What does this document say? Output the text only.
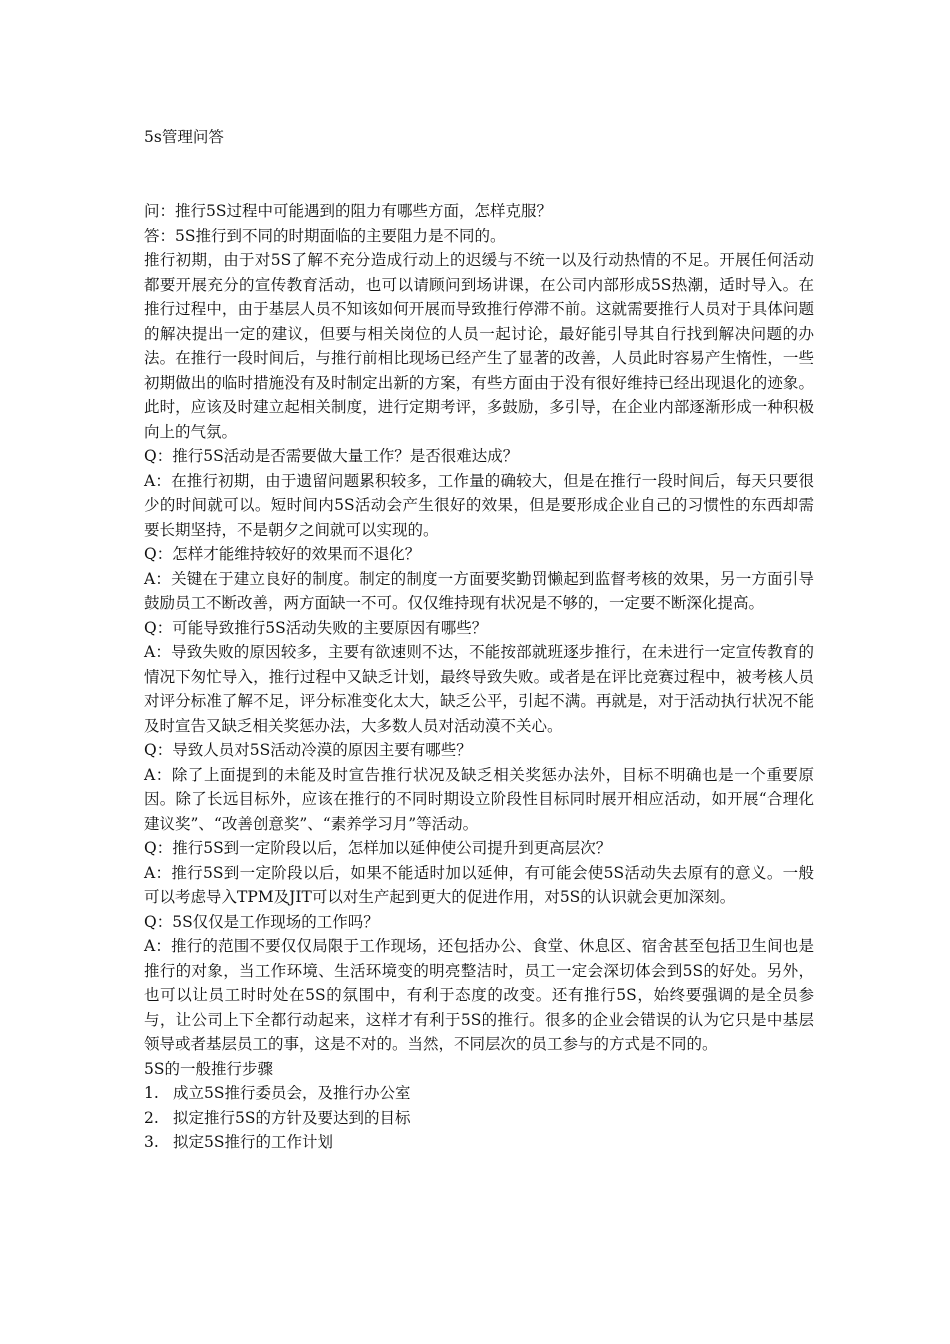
5s管理问答

问：推行5S过程中可能遇到的阻力有哪些方面，怎样克服？

答：5S推行到不同的时期面临的主要阻力是不同的。

推行初期，由于对5S了解不充分造成行动上的迟缓与不统一以及行动热情的不足。开展任何活动都要开展充分的宣传教育活动，也可以请顾问到场讲课，在公司内部形成5S热潮，适时导入。在推行过程中，由于基层人员不知该如何开展而导致推行停滞不前。这就需要推行人员对于具体问题的解决提出一定的建议，但要与相关岗位的人员一起讨论，最好能引导其自行找到解决问题的办法。在推行一段时间后，与推行前相比现场已经产生了显著的改善，人员此时容易产生惰性，一些初期做出的临时措施没有及时制定出新的方案，有些方面由于没有很好维持已经出现退化的迹象。此时，应该及时建立起相关制度，进行定期考评，多鼓励，多引导，在企业内部逐渐形成一种积极向上的气氛。

Q：推行5S活动是否需要做大量工作？是否很难达成？

A：在推行初期，由于遗留问题累积较多，工作量的确较大，但是在推行一段时间后，每天只要很少的时间就可以。短时间内5S活动会产生很好的效果，但是要形成企业自己的习惯性的东西却需要长期坚持，不是朝夕之间就可以实现的。

Q：怎样才能维持较好的效果而不退化？

A：关键在于建立良好的制度。制定的制度一方面要奖勤罚懒起到监督考核的效果，另一方面引导鼓励员工不断改善，两方面缺一不可。仅仅维持现有状况是不够的，一定要不断深化提高。

Q：可能导致推行5S活动失败的主要原因有哪些？

A：导致失败的原因较多，主要有欲速则不达，不能按部就班逐步推行，在未进行一定宣传教育的情况下匆忙导入，推行过程中又缺乏计划，最终导致失败。或者是在评比竞赛过程中，被考核人员对评分标准了解不足，评分标准变化太大，缺乏公平，引起不满。再就是，对于活动执行状况不能及时宣告又缺乏相关奖惩办法，大多数人员对活动漠不关心。

Q：导致人员对5S活动冷漠的原因主要有哪些？

A：除了上面提到的未能及时宣告推行状况及缺乏相关奖惩办法外，目标不明确也是一个重要原因。除了长远目标外，应该在推行的不同时期设立阶段性目标同时展开相应活动，如开展“合理化建议奖”、“改善创意奖”、“素养学习月”等活动。

Q：推行5S到一定阶段以后，怎样加以延伸使公司提升到更高层次？

A：推行5S到一定阶段以后，如果不能适时加以延伸，有可能会使5S活动失去原有的意义。一般可以考虑导入TPM及JIT可以对生产起到更大的促进作用，对5S的认识就会更加深刻。

Q：5S仅仅是工作现场的工作吗？

A：推行的范围不要仅仅局限于工作现场，还包括办公、食堂、休息区、宿舍甚至包括卫生间也是推行的对象，当工作环境、生活环境变的明亮整洁时，员工一定会深切体会到5S的好处。另外，也可以让员工时时处在5S的氛围中，有利于态度的改变。还有推行5S，始终要强调的是全员参与，让公司上下全都行动起来，这样才有利于5S的推行。很多的企业会错误的认为它只是中基层领导或者基层员工的事，这是不对的。当然，不同层次的员工参与的方式是不同的。

5S的一般推行步骤

1. 成立5S推行委员会，及推行办公室
2. 拟定推行5S的方针及要达到的目标
3. 拟定5S推行的工作计划
